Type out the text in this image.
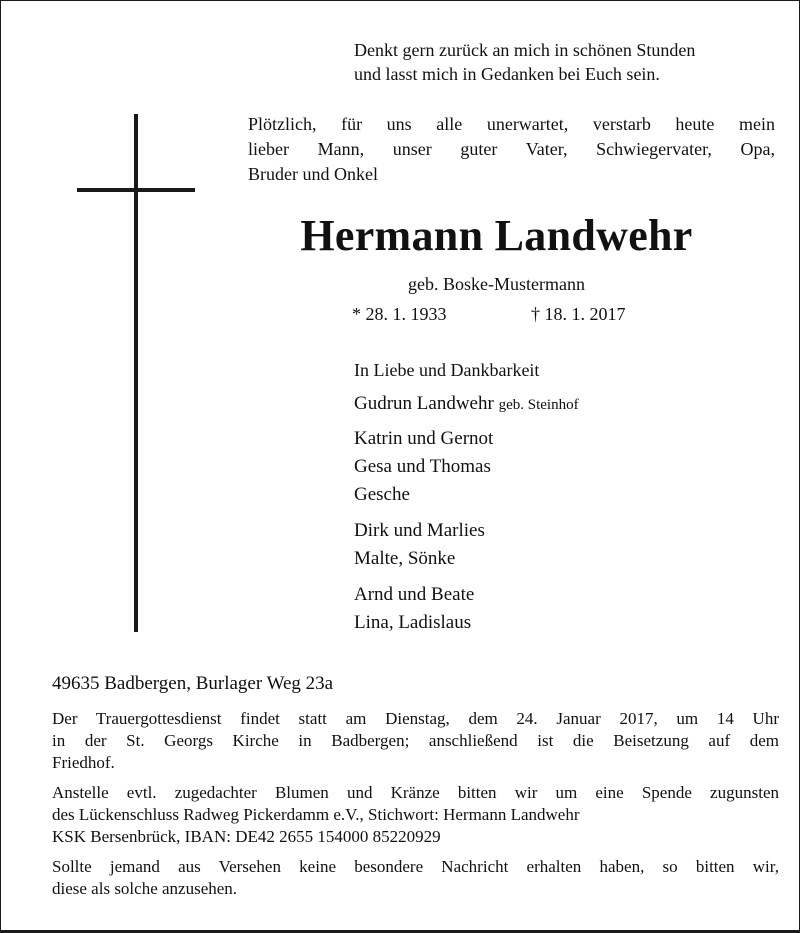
Denkt gern zurück an mich in schönen Stunden
und lasst mich in Gedanken bei Euch sein.
Plötzlich, für uns alle unerwartet, verstarb heute mein
lieber Mann, unser guter Vater, Schwiegervater, Opa,
Bruder und Onkel
Hermann Landwehr
geb. Boske-Mustermann
* 28. 1. 1933	† 18. 1. 2017
In Liebe und Dankbarkeit
Gudrun Landwehr geb. Steinhof
Katrin und Gernot
Gesa und Thomas
Gesche
Dirk und Marlies
Malte, Sönke
Arnd und Beate
Lina, Ladislaus
49635 Badbergen, Burlager Weg 23a
Der Trauergottesdienst findet statt am Dienstag, dem 24. Januar 2017, um 14 Uhr
in der St. Georgs Kirche in Badbergen; anschließend ist die Beisetzung auf dem
Friedhof.
Anstelle evtl. zugedachter Blumen und Kränze bitten wir um eine Spende zugunsten
des Lückenschluss Radweg Pickerdamm e.V., Stichwort: Hermann Landwehr
KSK Bersenbrück, IBAN: DE42 2655 154000 85220929
Sollte jemand aus Versehen keine besondere Nachricht erhalten haben, so bitten wir,
diese als solche anzusehen.
